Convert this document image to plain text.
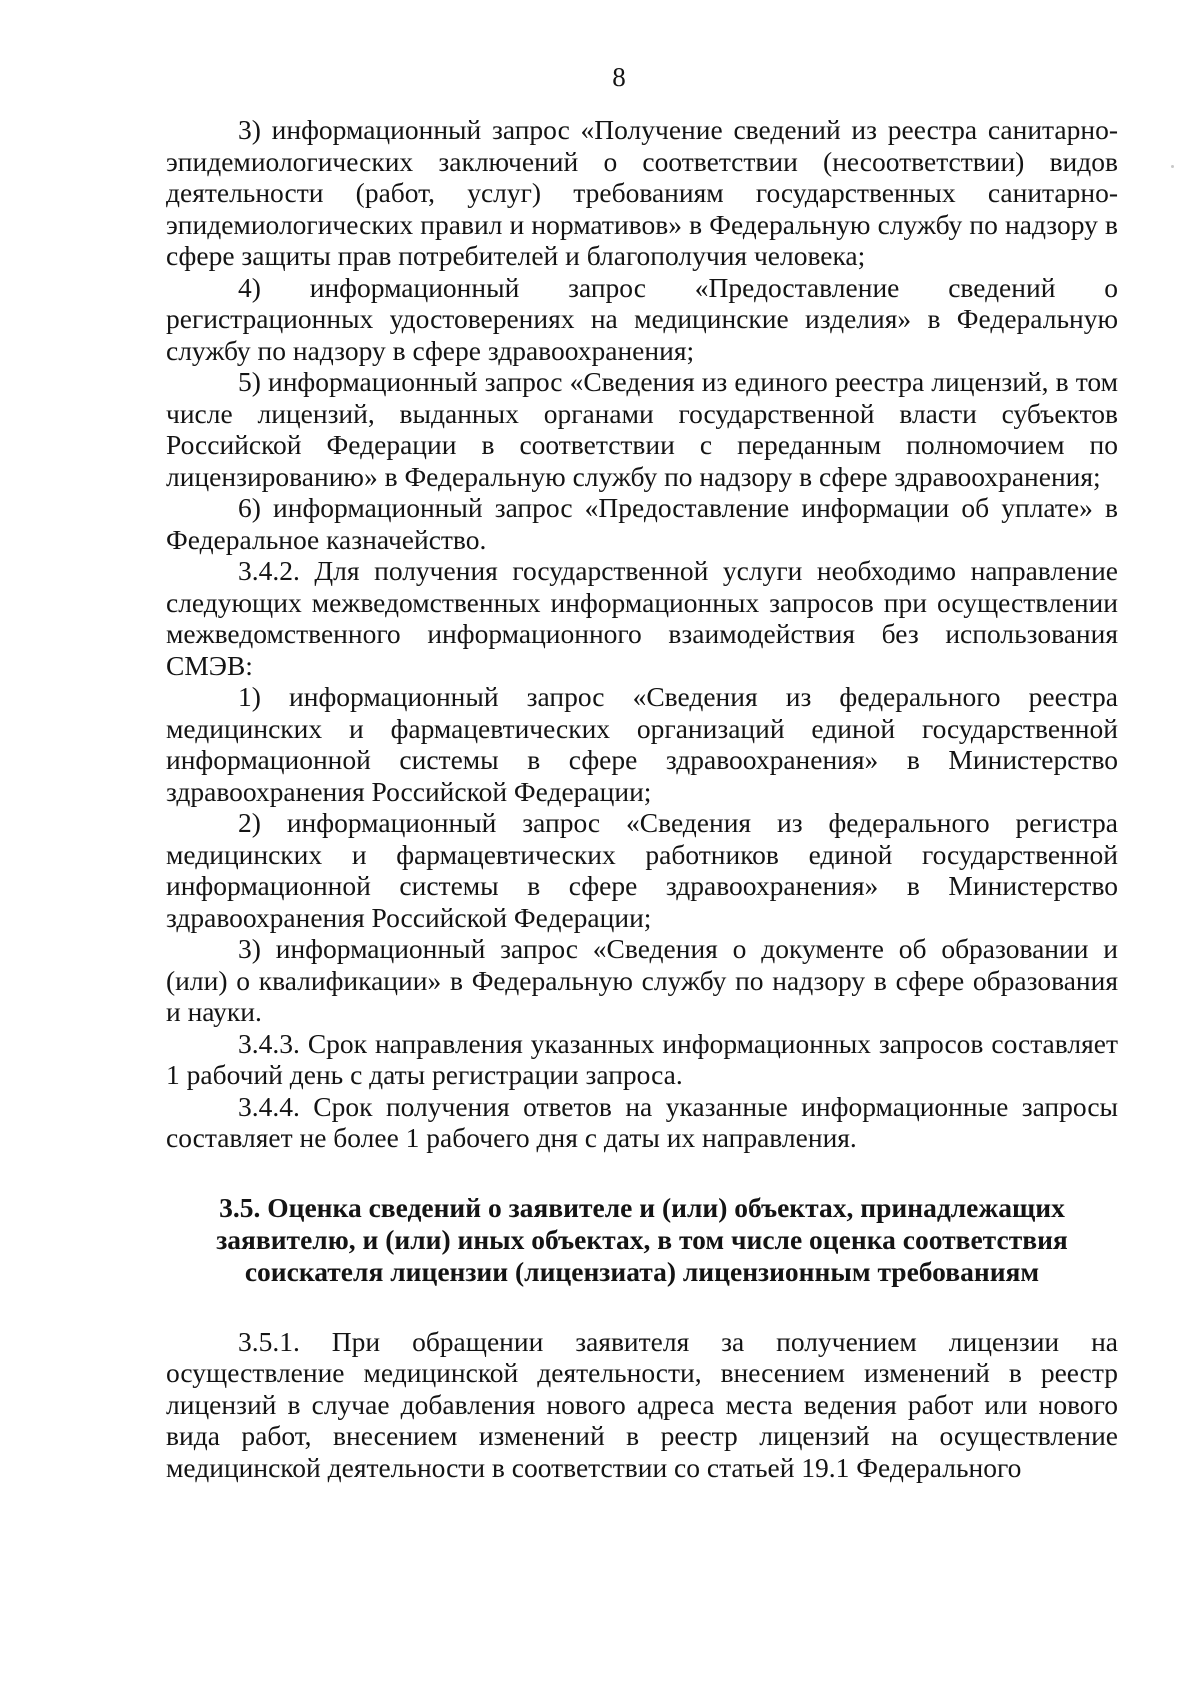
8

3) информационный запрос «Получение сведений из реестра санитарно-эпидемиологических заключений о соответствии (несоответствии) видов деятельности (работ, услуг) требованиям государственных санитарно-эпидемиологических правил и нормативов» в Федеральную службу по надзору в сфере защиты прав потребителей и благополучия человека;

4) информационный запрос «Предоставление сведений о регистрационных удостоверениях на медицинские изделия» в Федеральную службу по надзору в сфере здравоохранения;

5) информационный запрос «Сведения из единого реестра лицензий, в том числе лицензий, выданных органами государственной власти субъектов Российской Федерации в соответствии с переданным полномочием по лицензированию» в Федеральную службу по надзору в сфере здравоохранения;

6) информационный запрос «Предоставление информации об уплате» в Федеральное казначейство.

3.4.2. Для получения государственной услуги необходимо направление следующих межведомственных информационных запросов при осуществлении межведомственного информационного взаимодействия без использования СМЭВ:

1) информационный запрос «Сведения из федерального реестра медицинских и фармацевтических организаций единой государственной информационной системы в сфере здравоохранения» в Министерство здравоохранения Российской Федерации;

2) информационный запрос «Сведения из федерального регистра медицинских и фармацевтических работников единой государственной информационной системы в сфере здравоохранения» в Министерство здравоохранения Российской Федерации;

3) информационный запрос «Сведения о документе об образовании и (или) о квалификации» в Федеральную службу по надзору в сфере образования и науки.

3.4.3. Срок направления указанных информационных запросов составляет 1 рабочий день с даты регистрации запроса.

3.4.4. Срок получения ответов на указанные информационные запросы составляет не более 1 рабочего дня с даты их направления.

3.5. Оценка сведений о заявителе и (или) объектах, принадлежащих заявителю, и (или) иных объектах, в том числе оценка соответствия соискателя лицензии (лицензиата) лицензионным требованиям

3.5.1. При обращении заявителя за получением лицензии на осуществление медицинской деятельности, внесением изменений в реестр лицензий в случае добавления нового адреса места ведения работ или нового вида работ, внесением изменений в реестр лицензий на осуществление медицинской деятельности в соответствии со статьей 19.1 Федерального
